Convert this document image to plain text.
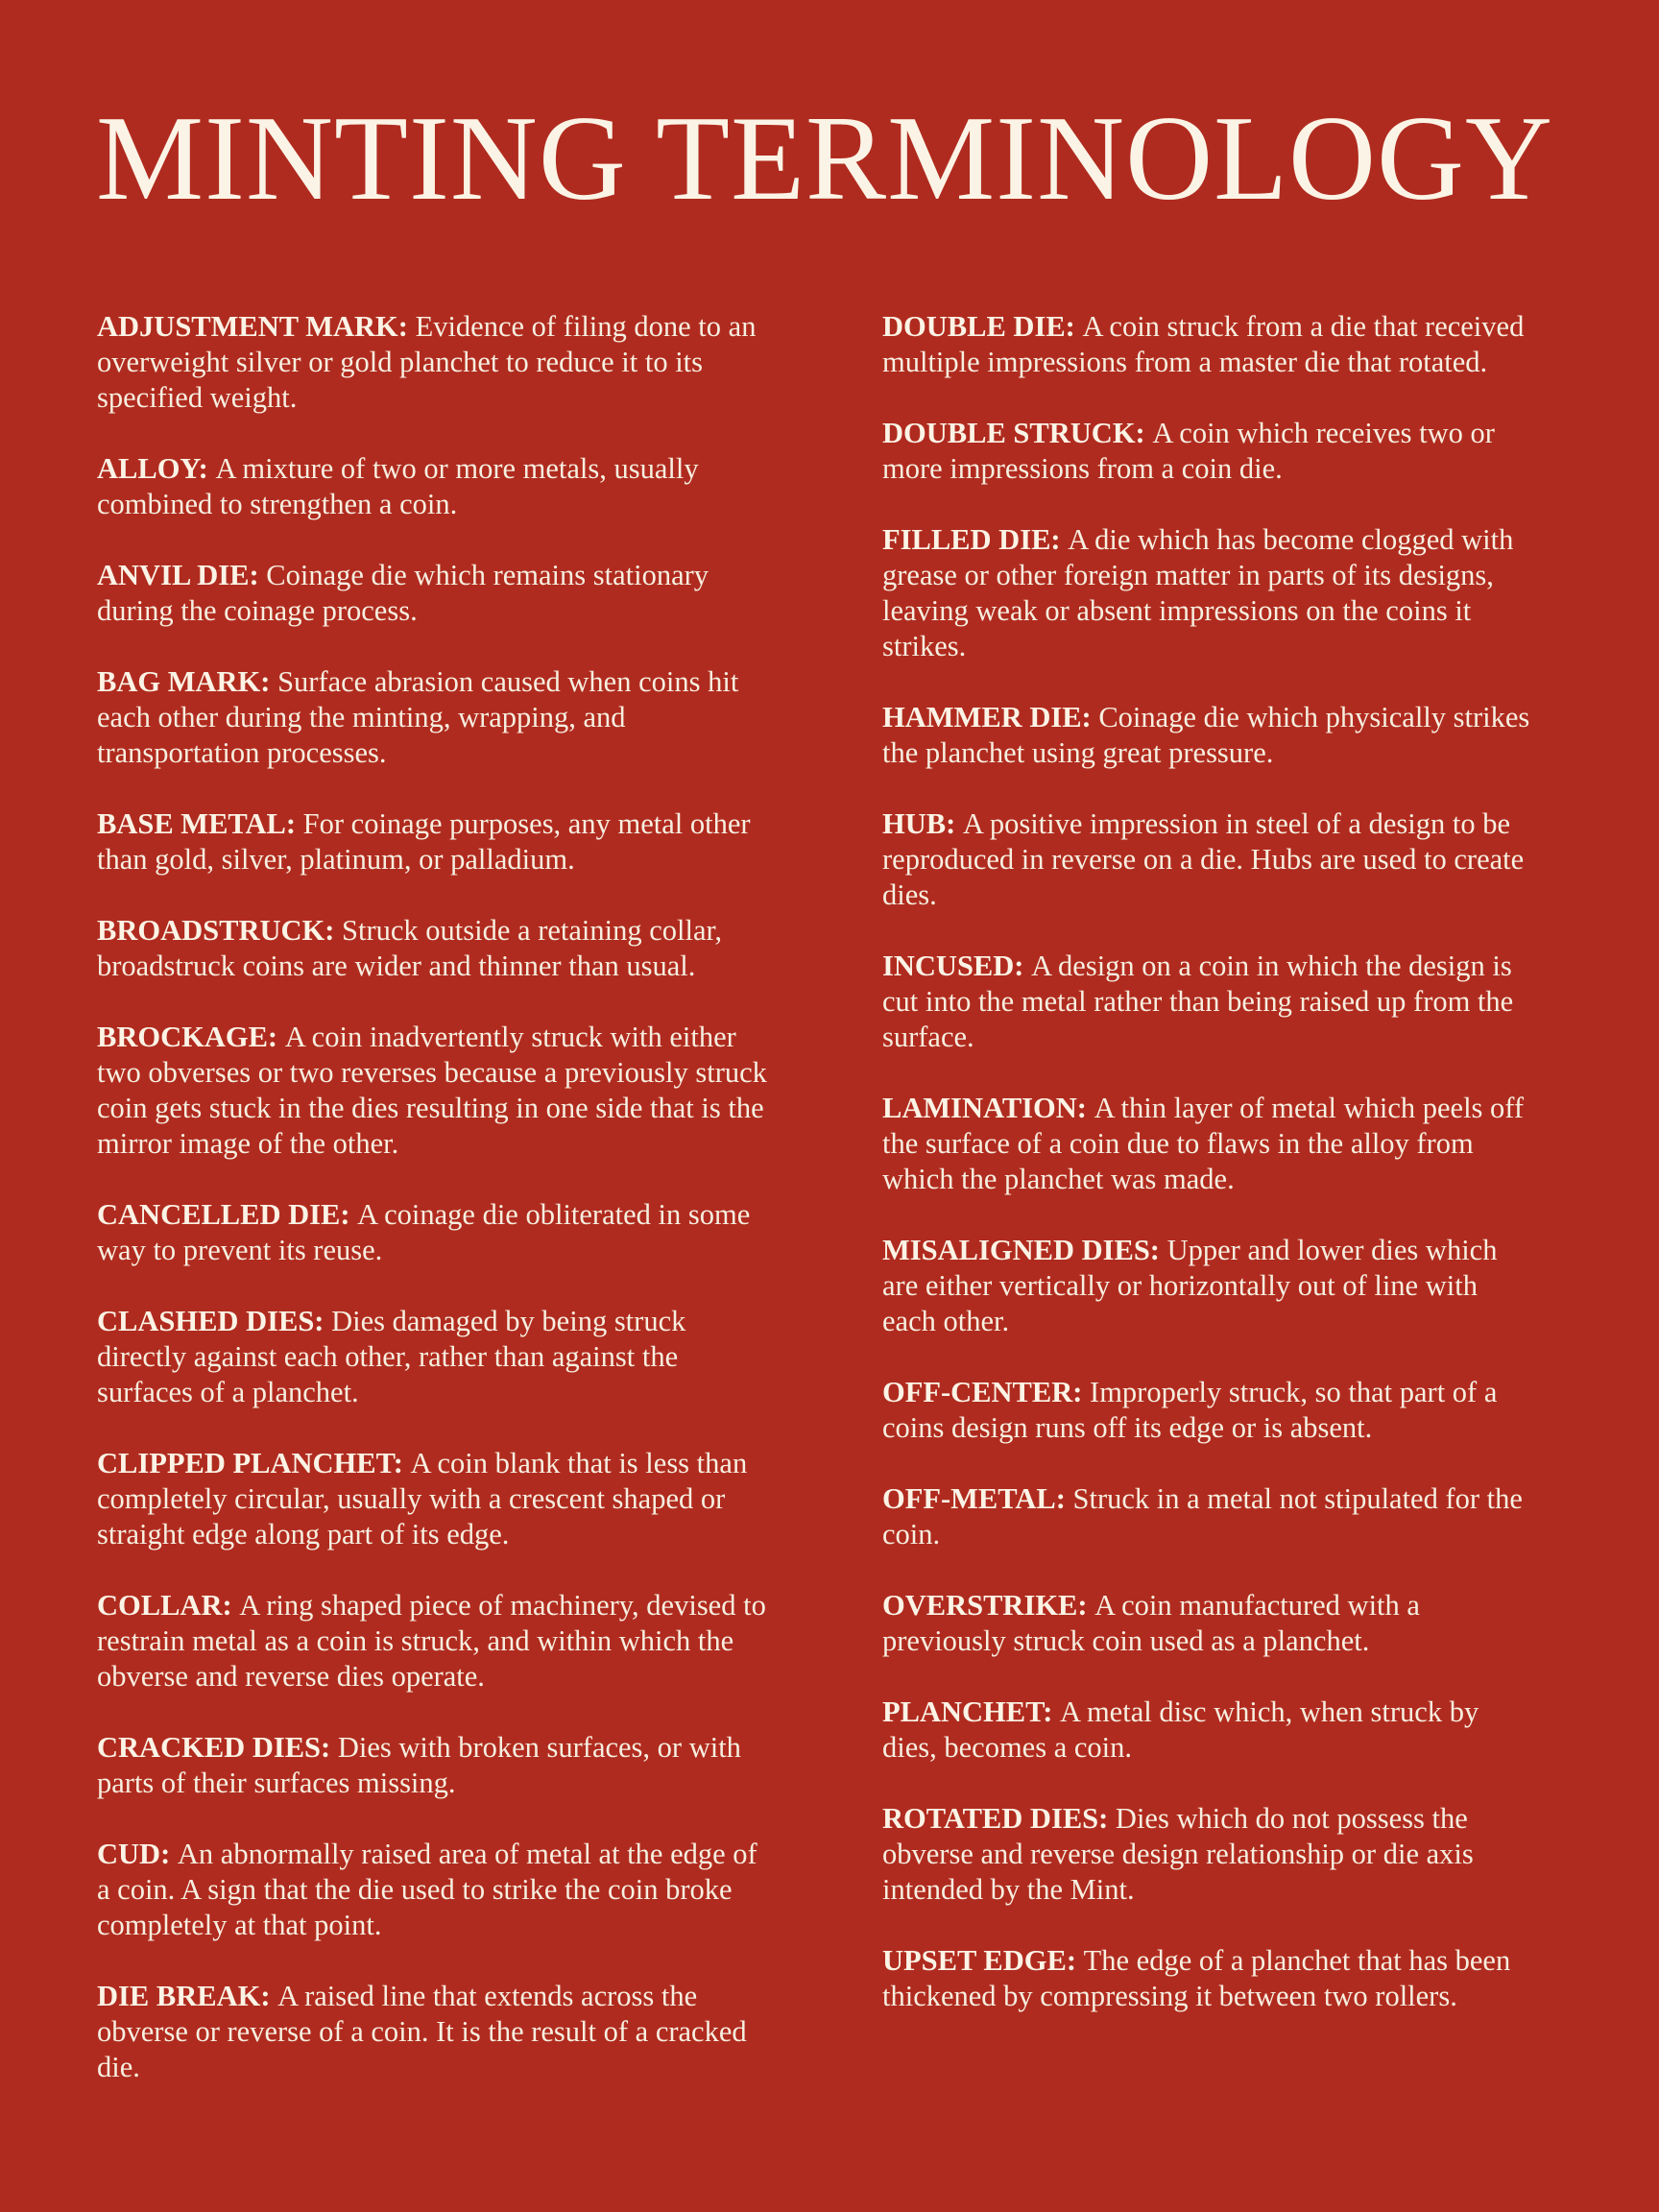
MINTING TERMINOLOGY

ADJUSTMENT MARK: Evidence of filing done to an overweight silver or gold planchet to reduce it to its specified weight.

ALLOY: A mixture of two or more metals, usually combined to strengthen a coin.

ANVIL DIE: Coinage die which remains stationary during the coinage process.

BAG MARK: Surface abrasion caused when coins hit each other during the minting, wrapping, and transportation processes.

BASE METAL: For coinage purposes, any metal other than gold, silver, platinum, or palladium.

BROADSTRUCK: Struck outside a retaining collar, broadstruck coins are wider and thinner than usual.

BROCKAGE: A coin inadvertently struck with either two obverses or two reverses because a previously struck coin gets stuck in the dies resulting in one side that is the mirror image of the other.

CANCELLED DIE: A coinage die obliterated in some way to prevent its reuse.

CLASHED DIES: Dies damaged by being struck directly against each other, rather than against the surfaces of a planchet.

CLIPPED PLANCHET: A coin blank that is less than completely circular, usually with a crescent shaped or straight edge along part of its edge.

COLLAR: A ring shaped piece of machinery, devised to restrain metal as a coin is struck, and within which the obverse and reverse dies operate.

CRACKED DIES: Dies with broken surfaces, or with parts of their surfaces missing.

CUD: An abnormally raised area of metal at the edge of a coin. A sign that the die used to strike the coin broke completely at that point.

DIE BREAK: A raised line that extends across the obverse or reverse of a coin. It is the result of a cracked die.

DOUBLE DIE: A coin struck from a die that received multiple impressions from a master die that rotated.

DOUBLE STRUCK: A coin which receives two or more impressions from a coin die.

FILLED DIE: A die which has become clogged with grease or other foreign matter in parts of its designs, leaving weak or absent impressions on the coins it strikes.

HAMMER DIE: Coinage die which physically strikes the planchet using great pressure.

HUB: A positive impression in steel of a design to be reproduced in reverse on a die. Hubs are used to create dies.

INCUSED: A design on a coin in which the design is cut into the metal rather than being raised up from the surface.

LAMINATION: A thin layer of metal which peels off the surface of a coin due to flaws in the alloy from which the planchet was made.

MISALIGNED DIES: Upper and lower dies which are either vertically or horizontally out of line with each other.

OFF-CENTER: Improperly struck, so that part of a coins design runs off its edge or is absent.

OFF-METAL: Struck in a metal not stipulated for the coin.

OVERSTRIKE: A coin manufactured with a previously struck coin used as a planchet.

PLANCHET: A metal disc which, when struck by dies, becomes a coin.

ROTATED DIES: Dies which do not possess the obverse and reverse design relationship or die axis intended by the Mint.

UPSET EDGE: The edge of a planchet that has been thickened by compressing it between two rollers.
